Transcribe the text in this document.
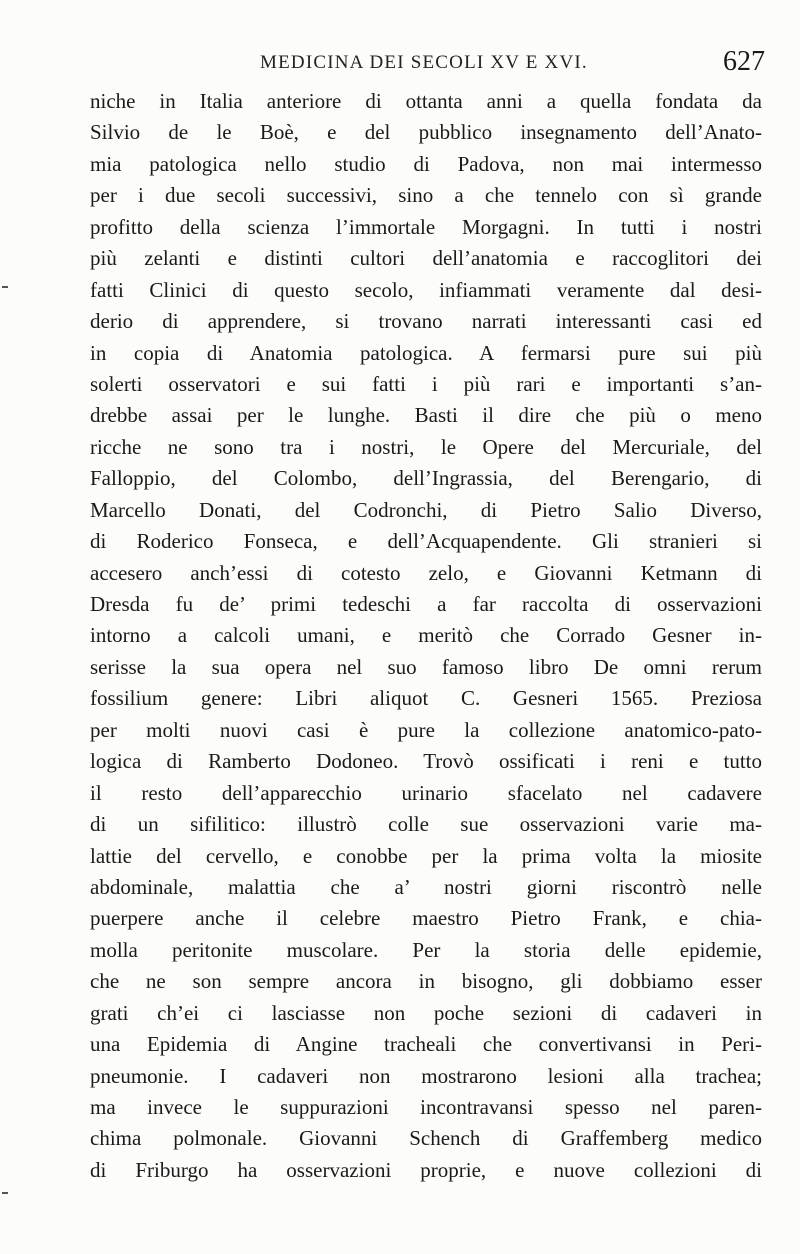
MEDICINA DEI SECOLI XV E XVI.	627
niche in Italia anteriore di ottanta anni a quella fondata da
Silvio de le Boè, e del pubblico insegnamento dell’Anato-
mia patologica nello studio di Padova, non mai intermesso
per i due secoli successivi, sino a che tennelo con sì grande
profitto della scienza l’immortale Morgagni. In tutti i nostri
più zelanti e distinti cultori dell’anatomia e raccoglitori dei
fatti Clinici di questo secolo, infiammati veramente dal desi-
derio di apprendere, si trovano narrati interessanti casi ed
in copia di Anatomia patologica. A fermarsi pure sui più
solerti osservatori e sui fatti i più rari e importanti s’an-
drebbe assai per le lunghe. Basti il dire che più o meno
ricche ne sono tra i nostri, le Opere del Mercuriale, del
Falloppio, del Colombo, dell’Ingrassia, del Berengario, di
Marcello Donati, del Codronchi, di Pietro Salio Diverso,
di Roderico Fonseca, e dell’Acquapendente. Gli stranieri si
accesero anch’essi di cotesto zelo, e Giovanni Ketmann di
Dresda fu de’ primi tedeschi a far raccolta di osservazioni
intorno a calcoli umani, e meritò che Corrado Gesner in-
serisse la sua opera nel suo famoso libro De omni rerum
fossilium genere: Libri aliquot C. Gesneri 1565. Preziosa
per molti nuovi casi è pure la collezione anatomico-pato-
logica di Ramberto Dodoneo. Trovò ossificati i reni e tutto
il resto dell’apparecchio urinario sfacelato nel cadavere
di un sifilitico: illustrò colle sue osservazioni varie ma-
lattie del cervello, e conobbe per la prima volta la miosite
abdominale, malattia che a’ nostri giorni riscontrò nelle
puerpere anche il celebre maestro Pietro Frank, e chia-
molla peritonite muscolare. Per la storia delle epidemie,
che ne son sempre ancora in bisogno, gli dobbiamo esser
grati ch’ei ci lasciasse non poche sezioni di cadaveri in
una Epidemia di Angine tracheali che convertivansi in Peri-
pneumonie. I cadaveri non mostrarono lesioni alla trachea;
ma invece le suppurazioni incontravansi spesso nel paren-
chima polmonale. Giovanni Schench di Graffemberg medico
di Friburgo ha osservazioni proprie, e nuove collezioni di
